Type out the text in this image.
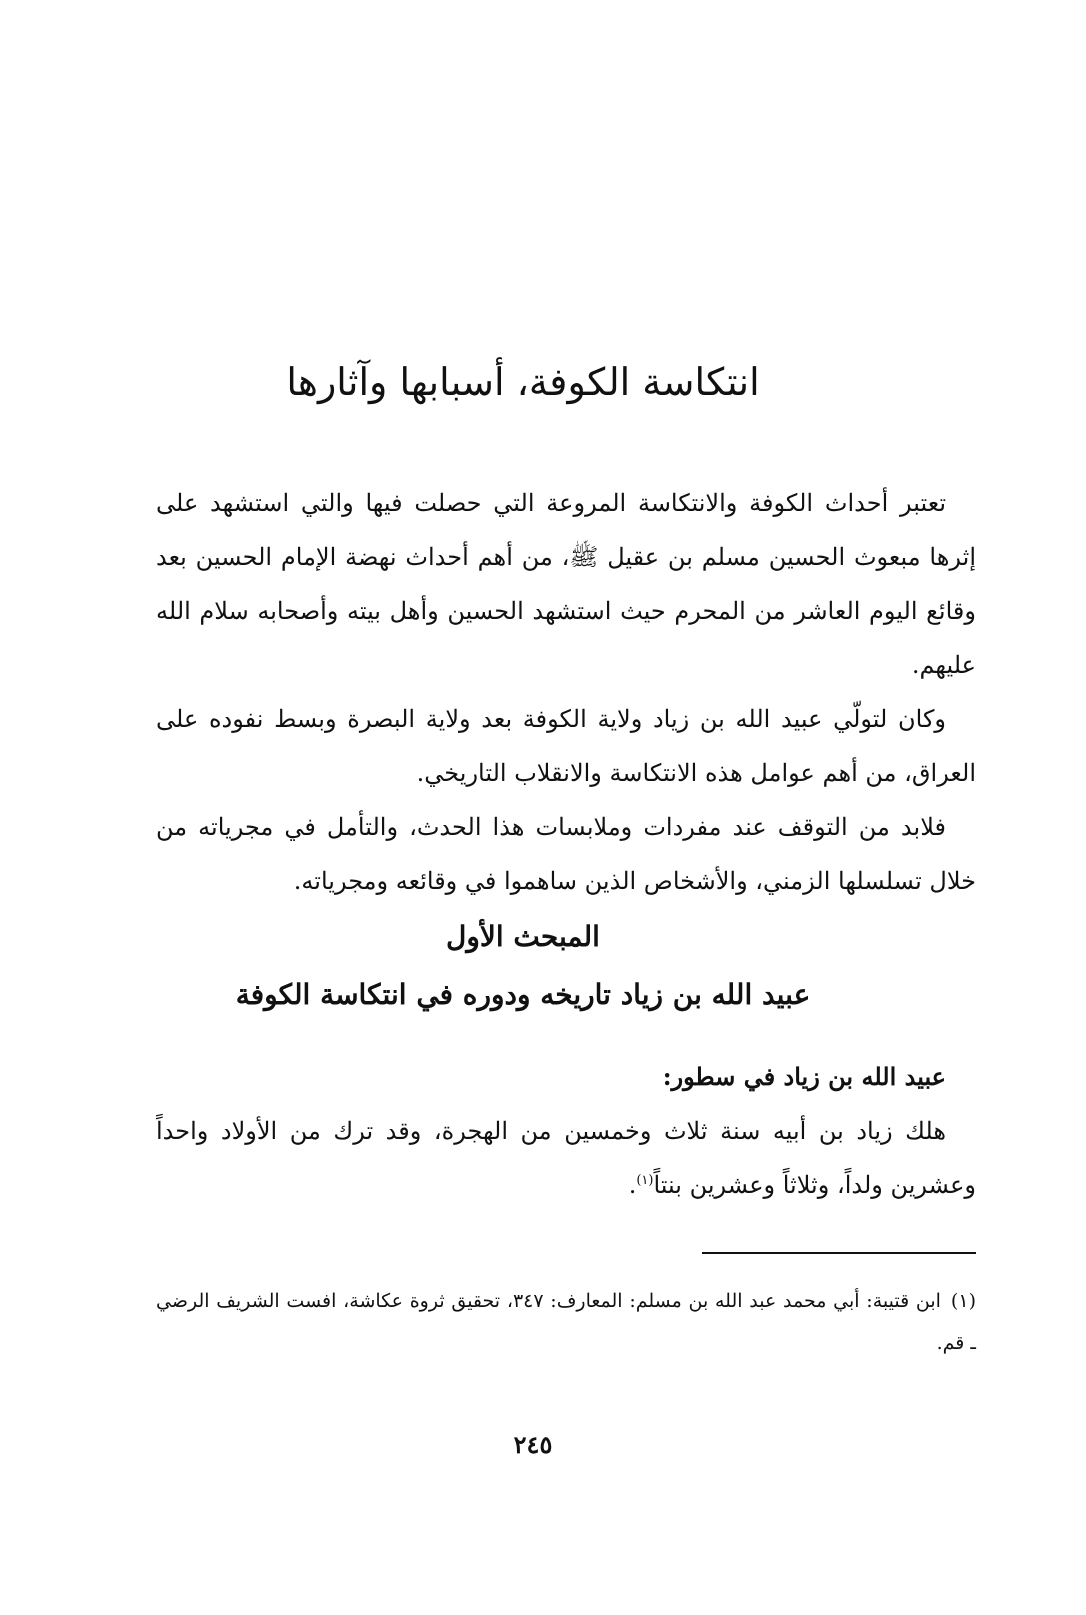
انتكاسة الكوفة، أسبابها وآثارها

تعتبر أحداث الكوفة والانتكاسة المروعة التي حصلت فيها والتي استشهد على إثرها مبعوث الحسين مسلم بن عقيل ﷺ، من أهم أحداث نهضة الإمام الحسين بعد وقائع اليوم العاشر من المحرم حيث استشهد الحسين وأهل بيته وأصحابه سلام الله عليهم.

وكان لتولّي عبيد الله بن زياد ولاية الكوفة بعد ولاية البصرة وبسط نفوده على العراق، من أهم عوامل هذه الانتكاسة والانقلاب التاريخي.

فلابد من التوقف عند مفردات وملابسات هذا الحدث، والتأمل في مجرياته من خلال تسلسلها الزمني، والأشخاص الذين ساهموا في وقائعه ومجرياته.

المبحث الأول
عبيد الله بن زياد تاريخه ودوره في انتكاسة الكوفة

عبيد الله بن زياد في سطور:

هلك زياد بن أبيه سنة ثلاث وخمسين من الهجرة، وقد ترك من الأولاد واحداً وعشرين ولداً، وثلاثاً وعشرين بنتاً$^{(١)}$.

(١)ابن قتيبة: أبي محمد عبد الله بن مسلم: المعارف: ٣٤٧، تحقيق ثروة عكاشة، افست الشريف الرضي ـ قم.

٢٤٥
